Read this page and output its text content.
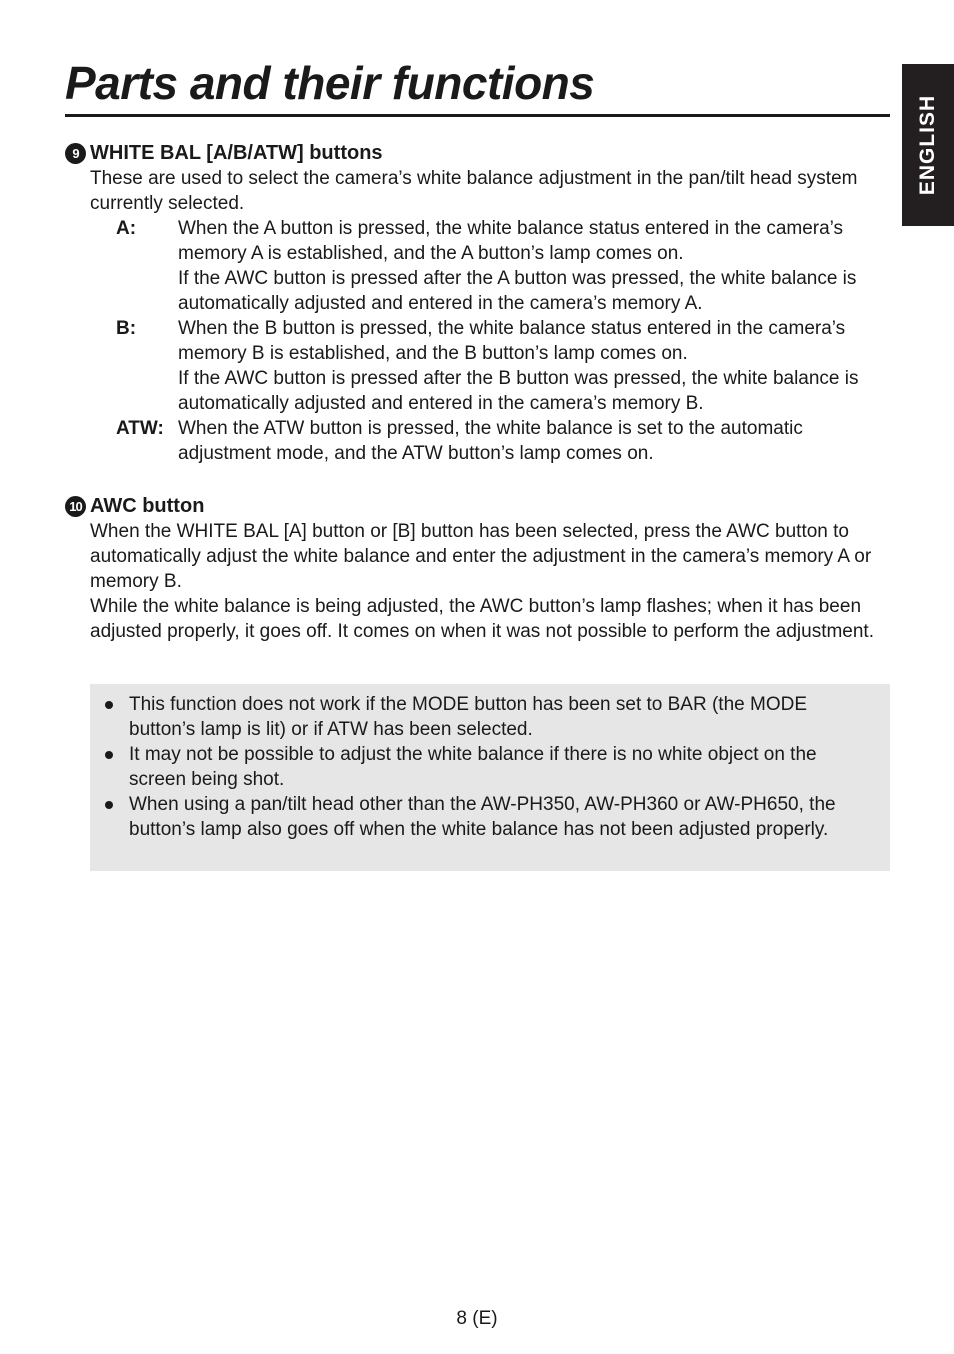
Parts and their functions
ENGLISH
9 WHITE BAL [A/B/ATW] buttons

These are used to select the camera’s white balance adjustment in the pan/tilt head system currently selected.

A:	When the A button is pressed, the white balance status entered in the camera’s memory A is established, and the A button’s lamp comes on.

If the AWC button is pressed after the A button was pressed, the white balance is automatically adjusted and entered in the camera’s memory A.

B:	When the B button is pressed, the white balance status entered in the camera’s memory B is established, and the B button’s lamp comes on.

If the AWC button is pressed after the B button was pressed, the white balance is automatically adjusted and entered in the camera’s memory B.

ATW: When the ATW button is pressed, the white balance is set to the automatic adjustment mode, and the ATW button’s lamp comes on.

10 AWC button

When the WHITE BAL [A] button or [B] button has been selected, press the AWC button to automatically adjust the white balance and enter the adjustment in the camera’s memory A or memory B.

While the white balance is being adjusted, the AWC button’s lamp flashes; when it has been adjusted properly, it goes off. It comes on when it was not possible to perform the adjustment.

This function does not work if the MODE button has been set to BAR (the MODE button’s lamp is lit) or if ATW has been selected.
It may not be possible to adjust the white balance if there is no white object on the screen being shot.
When using a pan/tilt head other than the AW-PH350, AW-PH360 or AW-PH650, the button’s lamp also goes off when the white balance has not been adjusted properly.
8 (E)
